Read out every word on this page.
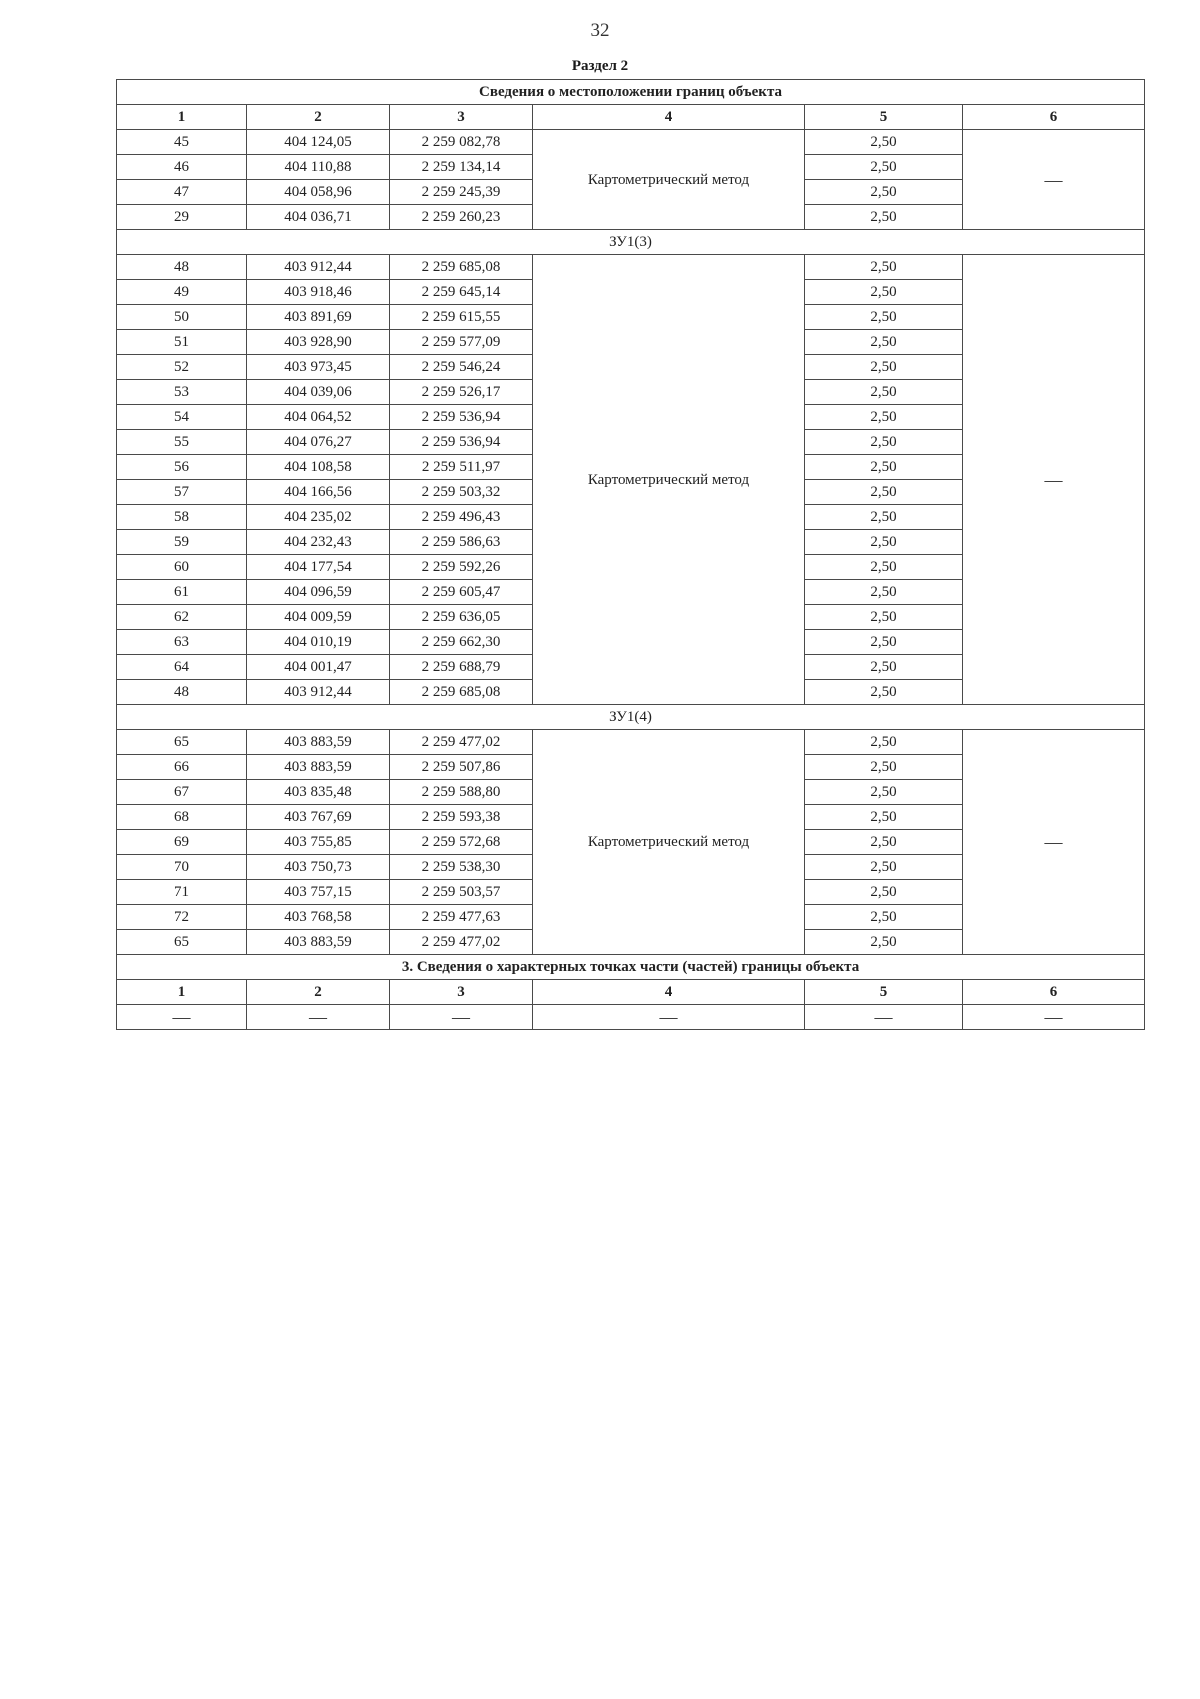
32
Раздел 2
Сведения о местоположении границ объекта					
1	2	3	4	5	6
45	404 124,05	2 259 082,78	Картометрический метод	2,50	—
46	404 110,88	2 259 134,14		2,50	
47	404 058,96	2 259 245,39		2,50	
29	404 036,71	2 259 260,23		2,50	
ЗУ1(3)					
48	403 912,44	2 259 685,08	Картометрический метод	2,50	—
49	403 918,46	2 259 645,14		2,50	
50	403 891,69	2 259 615,55		2,50	
51	403 928,90	2 259 577,09		2,50	
52	403 973,45	2 259 546,24		2,50	
53	404 039,06	2 259 526,17		2,50	
54	404 064,52	2 259 536,94		2,50	
55	404 076,27	2 259 536,94		2,50	
56	404 108,58	2 259 511,97		2,50	
57	404 166,56	2 259 503,32		2,50	
58	404 235,02	2 259 496,43		2,50	
59	404 232,43	2 259 586,63		2,50	
60	404 177,54	2 259 592,26		2,50	
61	404 096,59	2 259 605,47		2,50	
62	404 009,59	2 259 636,05		2,50	
63	404 010,19	2 259 662,30		2,50	
64	404 001,47	2 259 688,79		2,50	
48	403 912,44	2 259 685,08		2,50	
ЗУ1(4)					
65	403 883,59	2 259 477,02	Картометрический метод	2,50	—
66	403 883,59	2 259 507,86		2,50	
67	403 835,48	2 259 588,80		2,50	
68	403 767,69	2 259 593,38		2,50	
69	403 755,85	2 259 572,68		2,50	
70	403 750,73	2 259 538,30		2,50	
71	403 757,15	2 259 503,57		2,50	
72	403 768,58	2 259 477,63		2,50	
65	403 883,59	2 259 477,02		2,50	
3. Сведения о характерных точках части (частей) границы объекта					
1	2	3	4	5	6
—	—	—	—	—	—
